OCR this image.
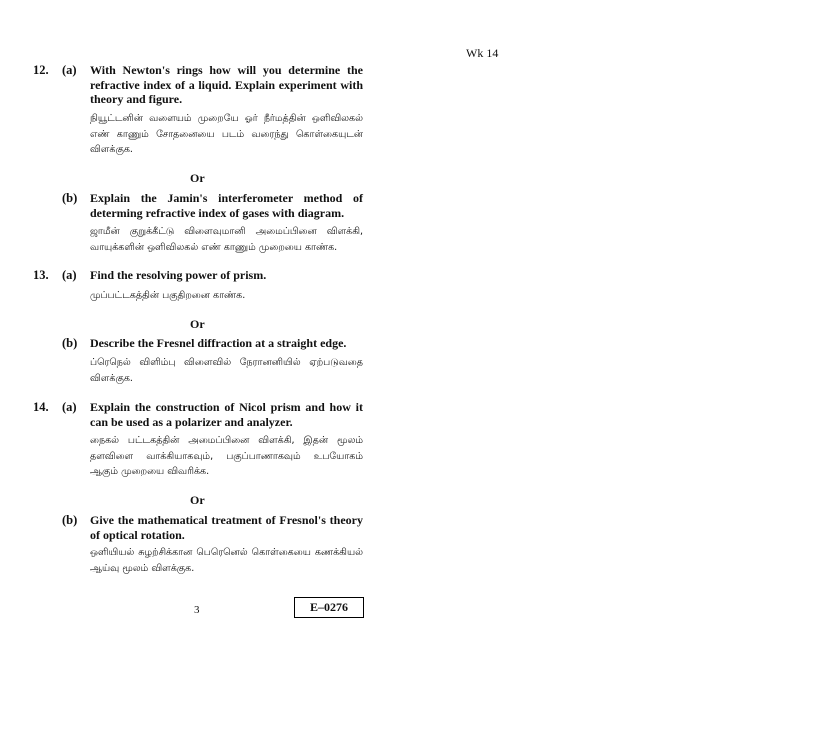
Wk 14
12. (a) With Newton's rings how will you determine the refractive index of a liquid. Explain experiment with theory and figure.
நியூட்டனின் வளையம் முறையே ஓர் நீர்மத்தின் ஒளிவிலகல் எண் காணும் சோதனையை படம் வரைந்து கொள்கையுடன் விளக்குக.
Or
(b) Explain the Jamin's interferometer method of determing refractive index of gases with diagram.
ஜாமீன் குறுக்கீட்டு விளைவுமானி அமைப்பினை விளக்கி, வாயுக்களின் ஒளிவிலகல் எண் காணும் முறையை காண்க.
13. (a) Find the resolving power of prism.
முப்பட்டகத்தின் பகுதிறனை காண்க.
Or
(b) Describe the Fresnel diffraction at a straight edge.
ப்ரெநெல் விளிம்பு விளைவில் நேரானனியில் ஏற்படுவதை விளக்குக.
14. (a) Explain the construction of Nicol prism and how it can be used as a polarizer and analyzer.
நைகல் பட்டகத்தின் அமைப்பினை விளக்கி, இதன் மூலம் தளவிளை வாக்கியாகவும், பகுப்பாணாகவும் உபயோகம் ஆகும் முறையை விவரிக்க.
Or
(b) Give the mathematical treatment of Fresnol's theory of optical rotation.
ஒளியியல் சுழற்சிக்கான பெரெனெல் கொள்கையை கணக்கியல் ஆய்வு மூலம் விளக்குக.
3	E–0276
